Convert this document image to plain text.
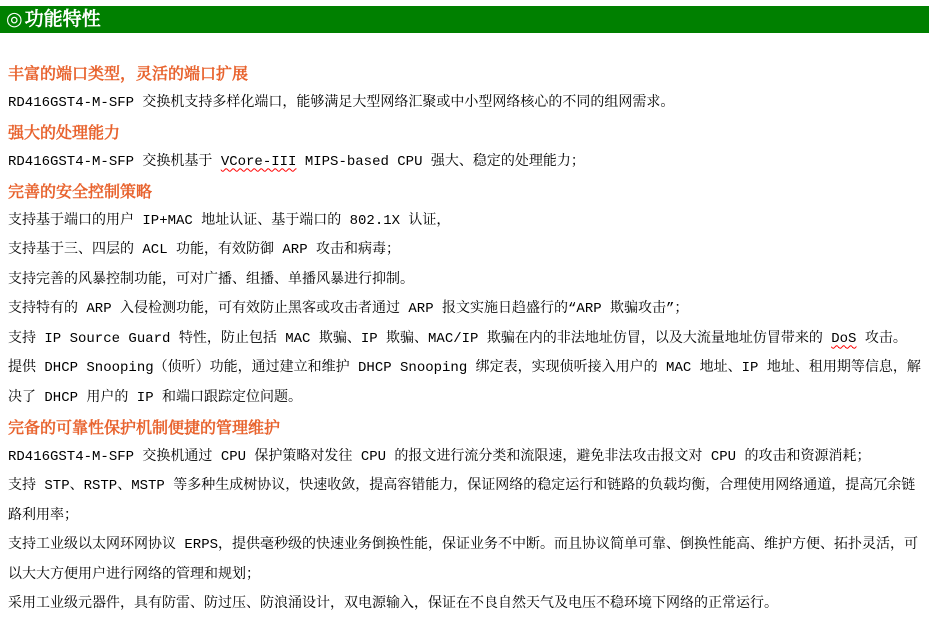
◎ 功能特性
丰富的端口类型，灵活的端口扩展

RD416GST4-M-SFP 交换机支持多样化端口，能够满足大型网络汇聚或中小型网络核心的不同的组网需求。

强大的处理能力

RD416GST4-M-SFP 交换机基于 VCore-III MIPS-based CPU 强大、稳定的处理能力；

完善的安全控制策略

支持基于端口的用户 IP+MAC 地址认证、基于端口的 802.1X 认证，

支持基于三、四层的 ACL 功能，有效防御 ARP 攻击和病毒；

支持完善的风暴控制功能，可对广播、组播、单播风暴进行抑制。

支持特有的 ARP 入侵检测功能，可有效防止黑客或攻击者通过 ARP 报文实施日趋盛行的“ARP 欺骗攻击”；

支持 IP Source Guard 特性，防止包括 MAC 欺骗、IP 欺骗、MAC/IP 欺骗在内的非法地址仿冒，以及大流量地址仿冒带来的 DoS 攻击。

提供 DHCP Snooping（侦听）功能，通过建立和维护 DHCP Snooping 绑定表，实现侦听接入用户的 MAC 地址、IP 地址、租用期等信息，解决了 DHCP 用户的 IP 和端口跟踪定位问题。

完备的可靠性保护机制便捷的管理维护

RD416GST4-M-SFP 交换机通过 CPU 保护策略对发往 CPU 的报文进行流分类和流限速，避免非法攻击报文对 CPU 的攻击和资源消耗；

支持 STP、RSTP、MSTP 等多种生成树协议，快速收敛，提高容错能力，保证网络的稳定运行和链路的负载均衡，合理使用网络通道，提高冗余链路利用率；

支持工业级以太网环网协议 ERPS，提供毫秒级的快速业务倒换性能，保证业务不中断。而且协议简单可靠、倒换性能高、维护方便、拓扑灵活，可以大大方便用户进行网络的管理和规划；

采用工业级元器件，具有防雷、防过压、防浪涌设计，双电源输入，保证在不良自然天气及电压不稳环境下网络的正常运行。
